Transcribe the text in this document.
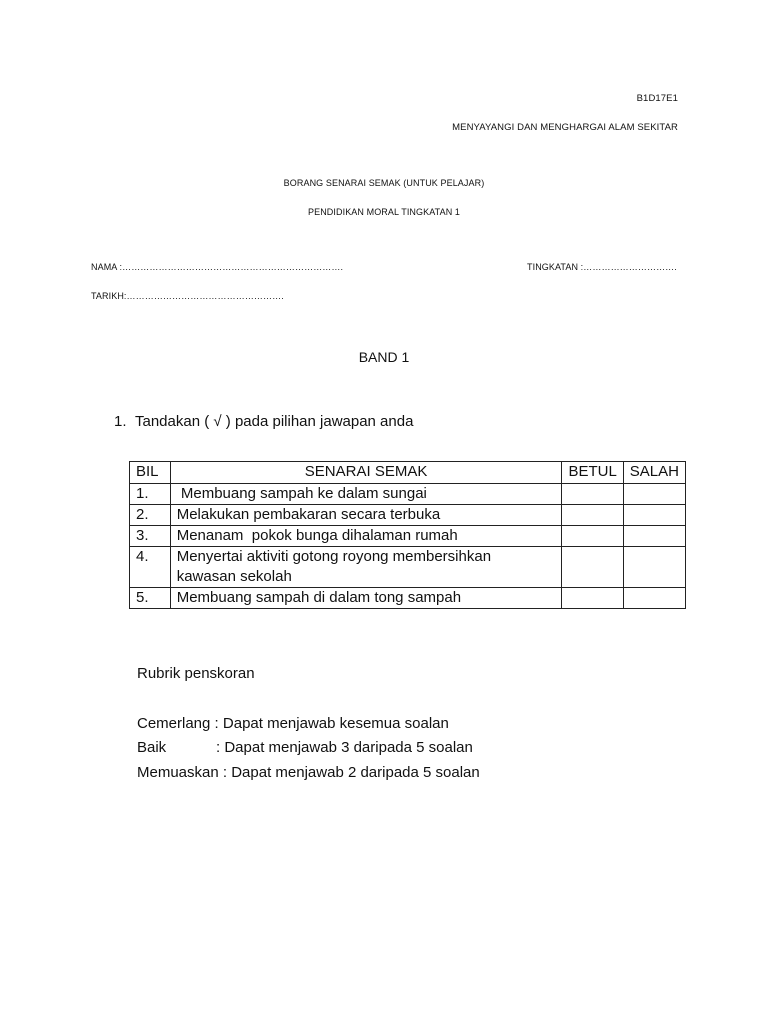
B1D17E1
MENYAYANGI DAN MENGHARGAI ALAM SEKITAR
BORANG SENARAI SEMAK (UNTUK PELAJAR)
PENDIDIKAN MORAL TINGKATAN 1
NAMA :……………………………………………………………….	TINGKATAN :………………………….
TARIKH:…………………………………………….
BAND 1
1. Tandakan ( √ ) pada pilihan jawapan anda
BIL	SENARAI SEMAK	BETUL	SALAH
1.	Membuang sampah ke dalam sungai		
2.	Melakukan pembakaran secara terbuka		
3.	Menanam  pokok bunga dihalaman rumah		
4.	Menyertai aktiviti gotong royong membersihkan
kawasan sekolah		

5.	Membuang sampah di dalam tong sampah		
Rubrik penskoran
Cemerlang : Dapat menjawab kesemua soalan
Baik	: Dapat menjawab 3 daripada 5 soalan
Memuaskan : Dapat menjawab 2 daripada 5 soalan
